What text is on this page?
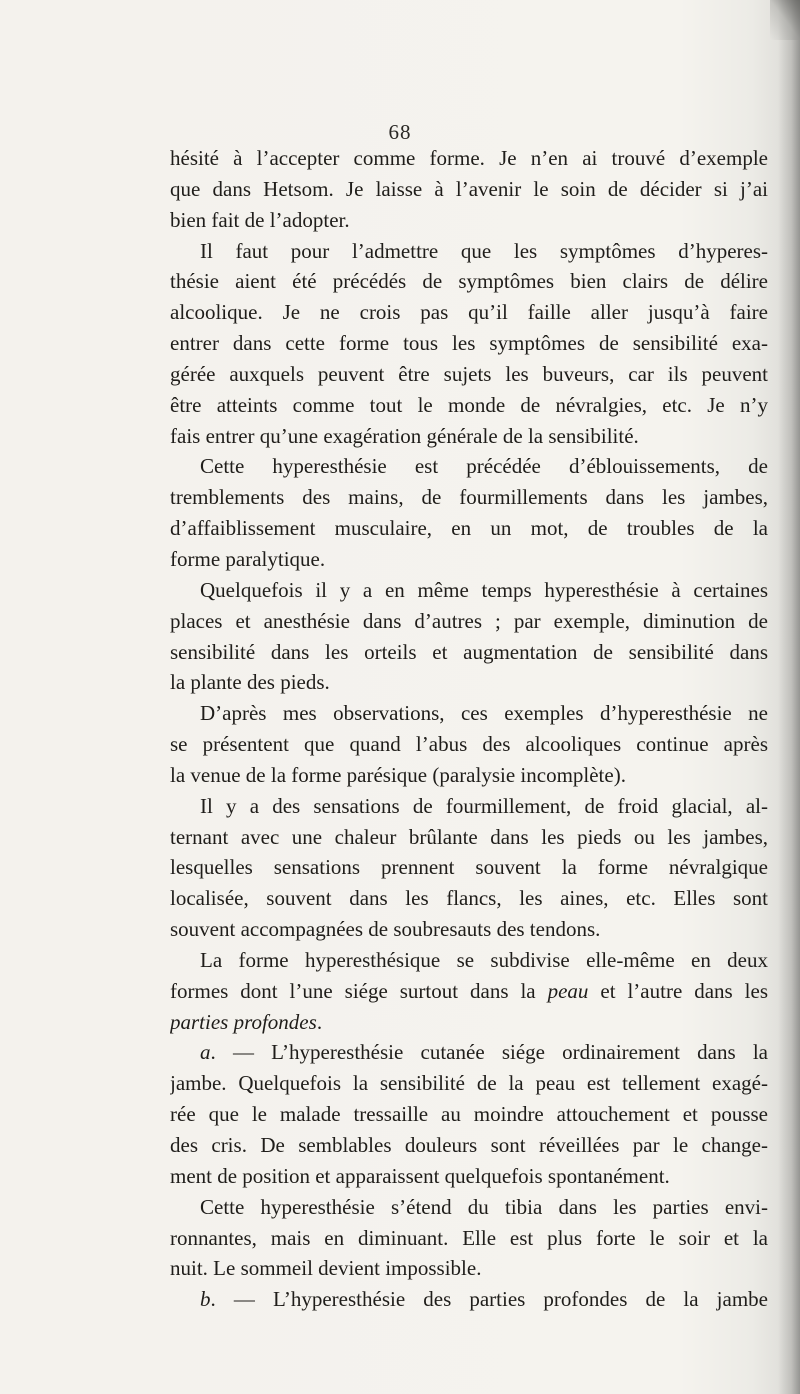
68
hésité à l’accepter comme forme. Je n’en ai trouvé d’exemple
que dans Hetsom. Je laisse à l’avenir le soin de décider si j’ai
bien fait de l’adopter.
Il faut pour l’admettre que les symptômes d’hyperes-
thésie aient été précédés de symptômes bien clairs de délire
alcoolique. Je ne crois pas qu’il faille aller jusqu’à faire
entrer dans cette forme tous les symptômes de sensibilité exa-
gérée auxquels peuvent être sujets les buveurs, car ils peuvent
être atteints comme tout le monde de névralgies, etc. Je n’y
fais entrer qu’une exagération générale de la sensibilité.
Cette hyperesthésie est précédée d’éblouissements, de
tremblements des mains, de fourmillements dans les jambes,
d’affaiblissement musculaire, en un mot, de troubles de la
forme paralytique.
Quelquefois il y a en même temps hyperesthésie à certaines
places et anesthésie dans d’autres ; par exemple, diminution de
sensibilité dans les orteils et augmentation de sensibilité dans
la plante des pieds.
D’après mes observations, ces exemples d’hyperesthésie ne
se présentent que quand l’abus des alcooliques continue après
la venue de la forme parésique (paralysie incomplète).
Il y a des sensations de fourmillement, de froid glacial, al-
ternant avec une chaleur brûlante dans les pieds ou les jambes,
lesquelles sensations prennent souvent la forme névralgique
localisée, souvent dans les flancs, les aines, etc. Elles sont
souvent accompagnées de soubresauts des tendons.
La forme hyperesthésique se subdivise elle-même en deux
formes dont l’une siége surtout dans la peau et l’autre dans les
parties profondes.
a. — L’hyperesthésie cutanée siége ordinairement dans la
jambe. Quelquefois la sensibilité de la peau est tellement exagé-
rée que le malade tressaille au moindre attouchement et pousse
des cris. De semblables douleurs sont réveillées par le change-
ment de position et apparaissent quelquefois spontanément.
Cette hyperesthésie s’étend du tibia dans les parties envi-
ronnantes, mais en diminuant. Elle est plus forte le soir et la
nuit. Le sommeil devient impossible.
b. — L’hyperesthésie des parties profondes de la jambe
